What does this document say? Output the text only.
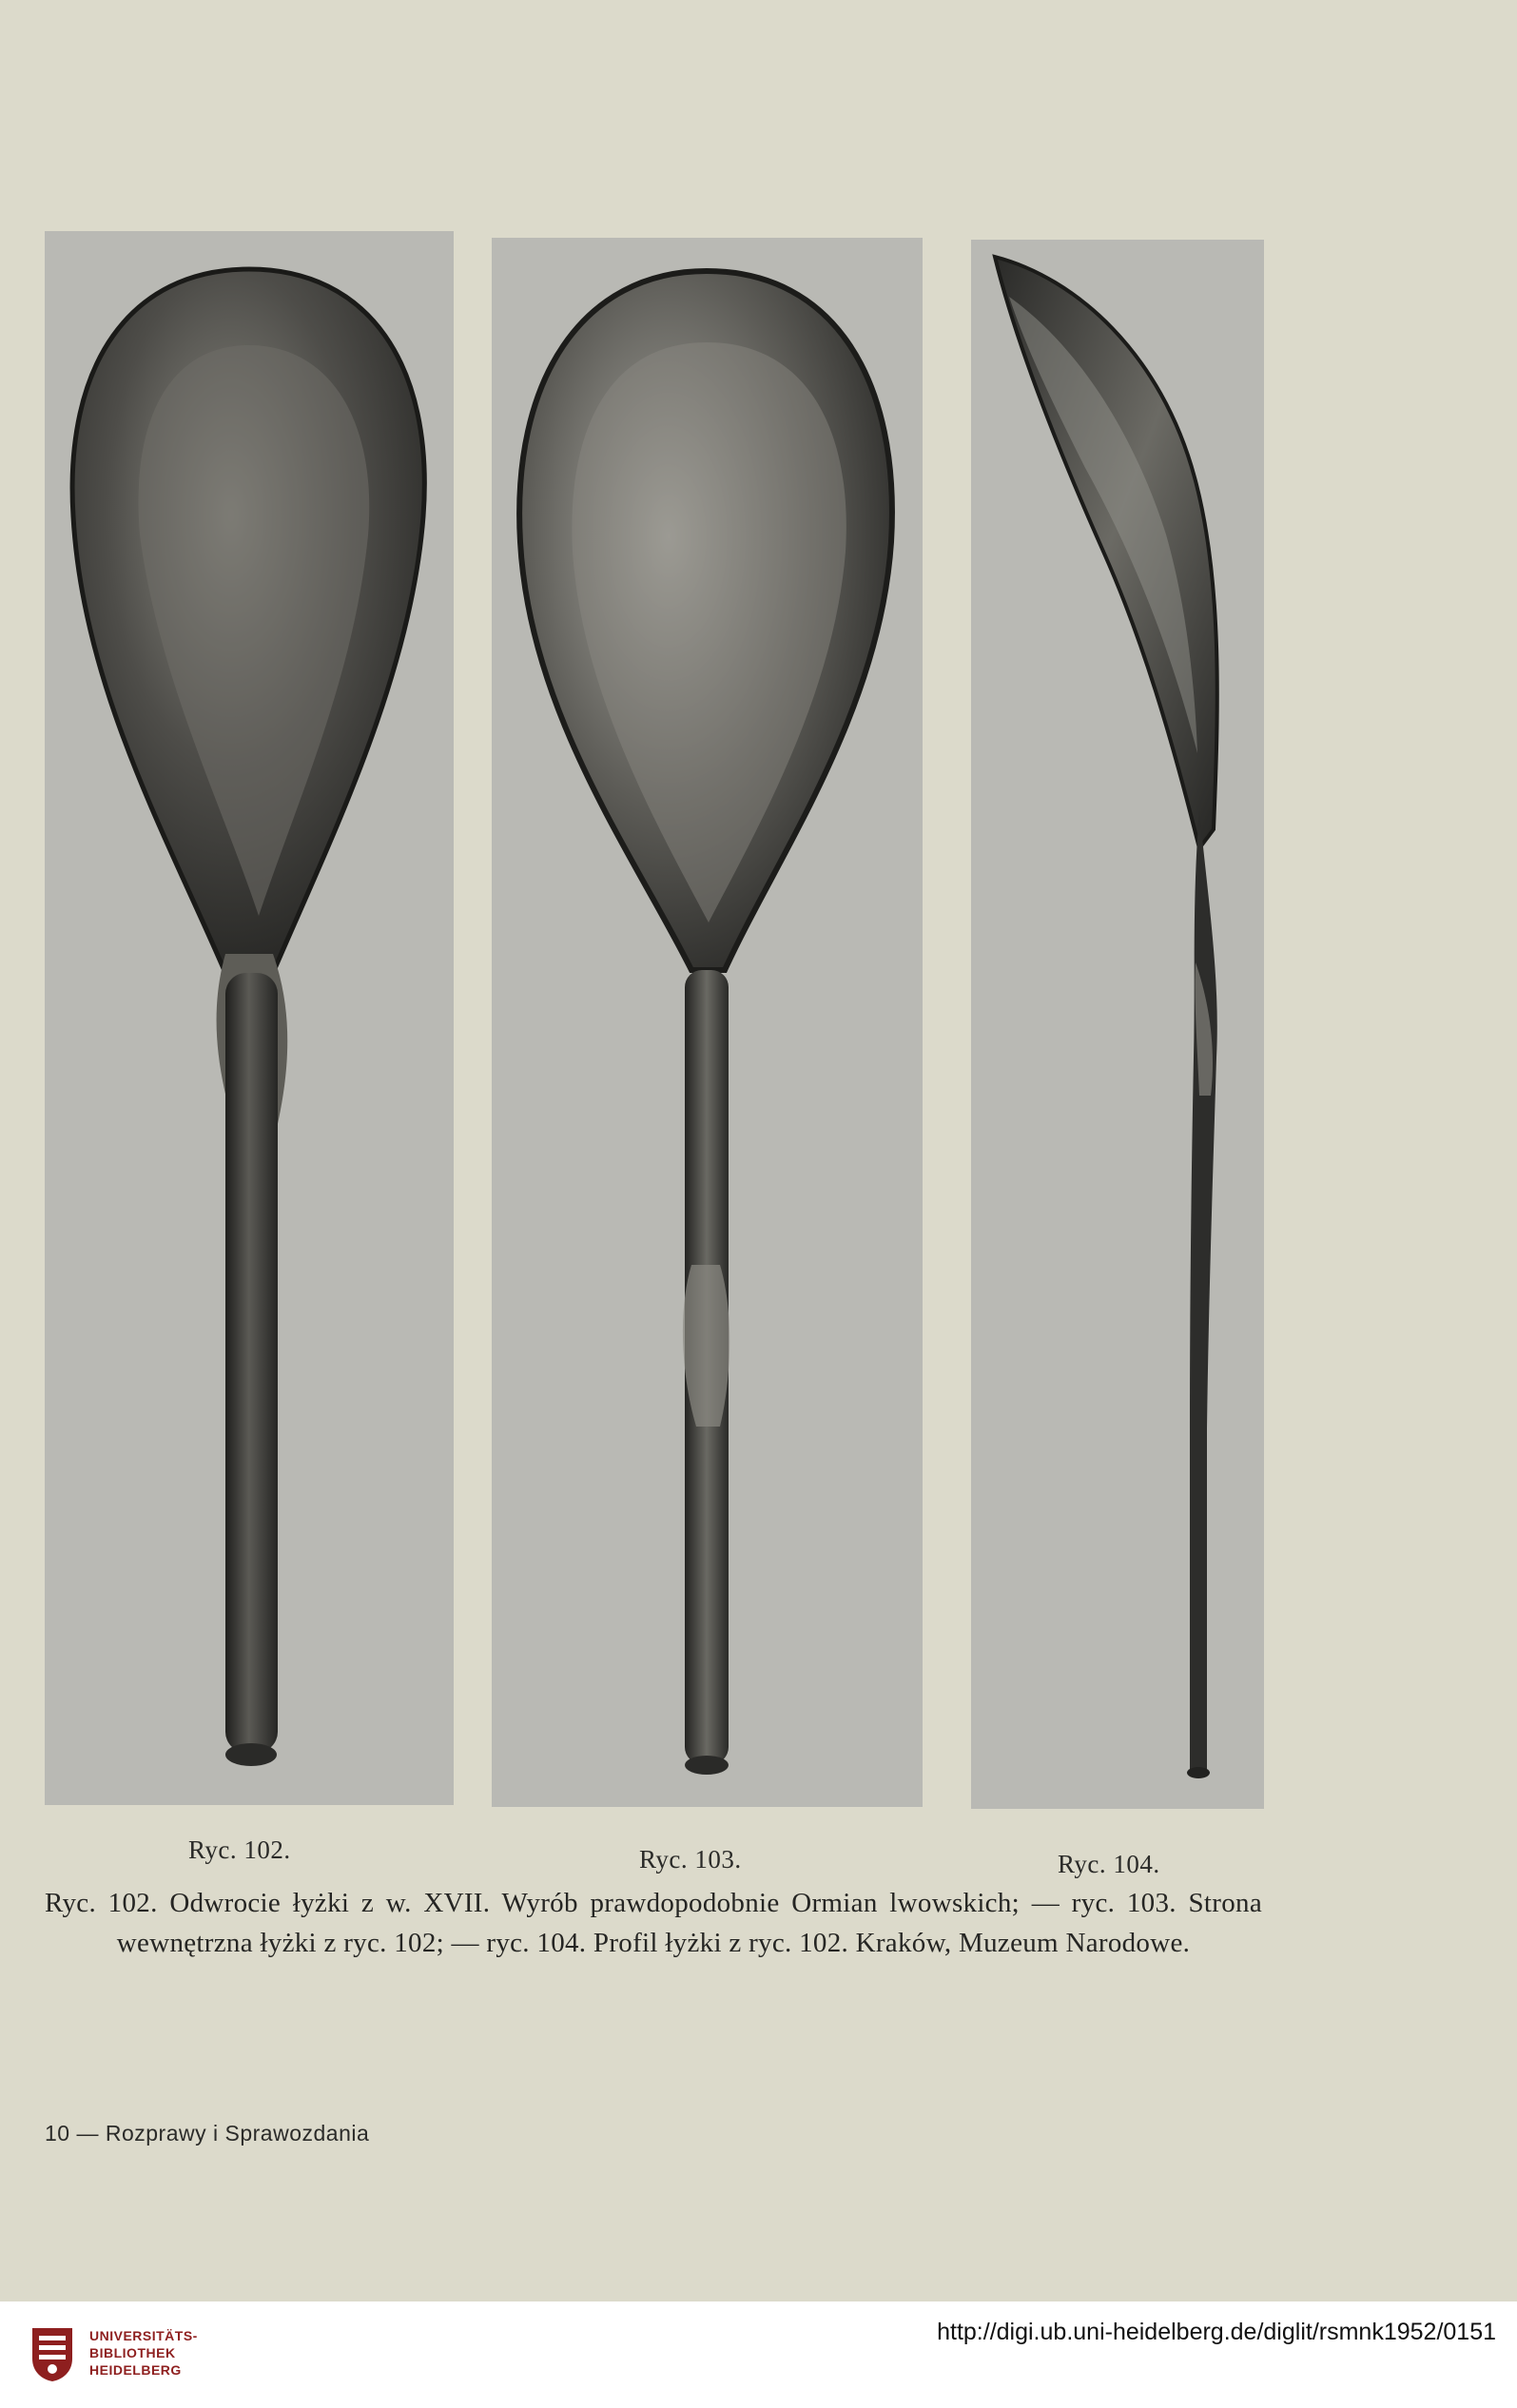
Ryc. 102.	Ryc. 103.	Ryc. 104.
Ryc. 102. Odwrocie łyżki z w. XVII. Wyrób prawdopodobnie Ormian lwowskich; — ryc. 103. Strona wewnętrzna łyżki z ryc. 102; — ryc. 104. Profil łyżki z ryc. 102. Kraków, Muzeum Narodowe.
10 — Rozprawy i Sprawozdania
UNIVERSITÄTS-
BIBLIOTHEK
HEIDELBERG
http://digi.ub.uni-heidelberg.de/diglit/rsmnk1952/0151
